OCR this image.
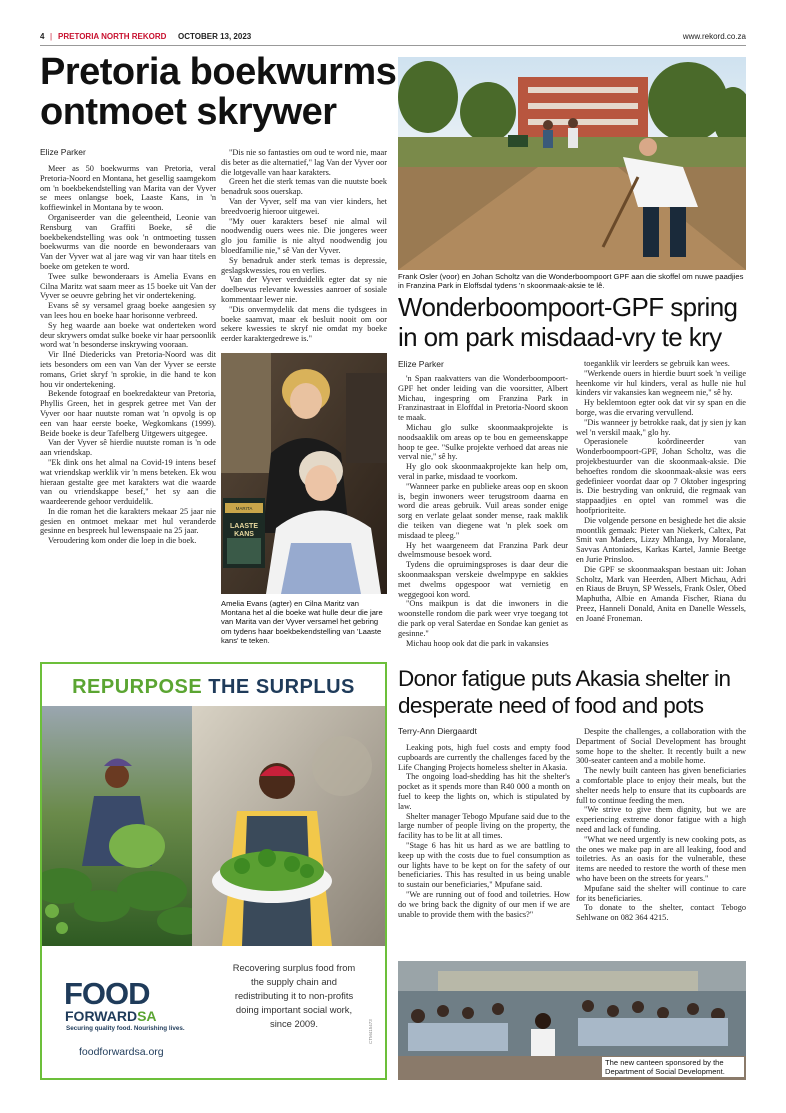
4 | PRETORIA NORTH REKORD OCTOBER 13, 2023	www.rekord.co.za
Pretoria boekwurms
ontmoet skrywer
Elize Parker

Meer as 50 boekwurms van Pretoria, veral Pretoria-Noord en Montana, het gesellig saamgekom om 'n boekbekendstelling van Marita van der Vyver se mees onlangse boek, Laaste Kans, in 'n koffiewinkel in Montana by te woon.

Organiseerder van die geleentheid, Leonie van Rensburg van Graffiti Boeke, sê die boekbekendstelling was ook 'n ontmoeting tussen boekwurms van die noorde en bewonderaars van Van der Vyver wat al jare wag vir van haar titels en boeke om geteken te word.

Twee sulke bewonderaars is Amelia Evans en Cilna Maritz wat saam meer as 15 boeke uit Van der Vyver se oeuvre gebring het vir ondertekening.

Evans sê sy versamel graag boeke aangesien sy van lees hou en boeke haar horisonne verbreed.

Sy heg waarde aan boeke wat onderteken word deur skrywers omdat sulke boeke vir haar persoonlik word wat 'n besonderse inskrywing vooraan.

Vir Ilné Diedericks van Pretoria-Noord was dit iets besonders om een van Van der Vyver se eerste romans, Griet skryf 'n sprokie, in die hand te kon hou vir ondertekening.

Bekende fotograaf en boekredakteur van Pretoria, Phyllis Green, het in gesprek getree met Van der Vyver oor haar nuutste roman wat 'n opvolg is op een van haar eerste boeke, Wegkomkans (1999). Beide boeke is deur Tafelberg Uitgewers uitgegee.

Van der Vyver sê hierdie nuutste roman is 'n ode aan vriendskap.

"Ek dink ons het almal na Covid-19 intens besef wat vriendskap werklik vir 'n mens beteken. Ek wou hieraan gestalte gee met karakters wat die waarde van ou vriendskappe besef," het sy aan die waardeerende gehoor verduidelik.

In die roman het die karakters mekaar 25 jaar nie gesien en ontmoet mekaar met hul veranderde gesinne en bespreek hul lewenspaaie na 25 jaar.

Veroudering kom onder die loep in die boek.

"Dis nie so fantasties om oud te word nie, maar dis beter as die alternatief," lag Van der Vyver oor die lotgevalle van haar karakters.

Green het die sterk temas van die nuutste boek benadruk soos ouerskap.

Van der Vyver, self ma van vier kinders, het breedvoerig hieroor uitgewei.

"My ouer karakters besef nie almal wil noodwendig ouers wees nie. Die jongeres weer glo jou familie is nie altyd noodwendig jou bloedfamilie nie," sê Van der Vyver.

Sy benadruk ander sterk temas is depressie, geslagskwessies, rou en verlies.

Van der Vyver verduidelik egter dat sy nie doelbewus relevante kwessies aanroer of sosiale kommentaar lewer nie.

"Dis onvermydelik dat mens die tydsgees in boeke saamvat, maar ek besluit nooit om oor sekere kwessies te skryf nie omdat my boeke eerder karaktergedrewe is."

MARITA
LAASTE
KANS
Amelia Evans (agter) en Cilna Maritz van Montana het al die boeke wat hulle deur die jare van Marita van der Vyver versamel het gebring om tydens haar boekbekendstelling van 'Laaste kans' te teken.
Frank Osler (voor) en Johan Scholtz van die Wonderboompoort GPF aan die skoffel om nuwe paadjies in Franzina Park in Eloffsdal tydens 'n skoonmaak-aksie te lê.
Wonderboompoort-GPF spring
in om park misdaad-vry te kry
Elize Parker

'n Span raakvatters van die Wonderboompoort-GPF het onder leiding van die voorsitter, Albert Michau, ingespring om Franzina Park in Franzinastraat in Eloffdal in Pretoria-Noord skoon te maak.

Michau glo sulke skoonmaakprojekte is noodsaaklik om areas op te bou en gemeenskappe hoop te gee. "Sulke projekte verhoed dat areas nie verval nie," sê hy.

Hy glo ook skoonmaakprojekte kan help om, veral in parke, misdaad te voorkom.

"Wanneer parke en publieke areas oop en skoon is, begin inwoners weer terugstroom daarna en word die areas gebruik. Vuil areas sonder enige sorg en verlate gelaat sonder mense, raak maklik die teiken van diegene wat 'n plek soek om misdaad te pleeg."

Hy het waargeneem dat Franzina Park deur dwelmsmouse besoek word.

Tydens die opruimingsproses is daar deur die skoonmaakspan verskeie dwelmpype en sakkies met dwelms opgespoor wat vernietig en weggegooi kon word.

"Ons maikpun is dat die inwoners in die woonstelle rondom die park weer vrye toegang tot die park op veral Saterdae en Sondae kan geniet as gesinne."

Michau hoop ook dat die park in vakansies

toeganklik vir leerders se gebruik kan wees.

"Werkende ouers in hierdie buurt soek 'n veilige heenkome vir hul kinders, veral as hulle nie hul kinders vir vakansies kan wegneem nie," sê hy.

Hy beklemtoon egter ook dat vir sy span en die borge, was die ervaring vervullend.

"Dis wanneer jy betrokke raak, dat jy sien jy kan wel 'n verskil maak," glo hy.

Operasionele koördineerder van Wonderboompoort-GPF, Johan Scholtz, was die projekbestuurder van die skoonmaak-aksie. Die behoeftes rondom die skoonmaak-aksie was eers gedefinieer voordat daar op 7 Oktober ingespring is. Die bestryding van onkruid, die regmaak van stappaadjies en optel van rommel was die hoofprioriteite.

Die volgende persone en besighede het die aksie moontlik gemaak: Pieter van Niekerk, Caltex, Pat Smit van Maders, Lizzy Mhlanga, Ivy Moralane, Savvas Antoniades, Karkas Kartel, Jannie Beetge en Jurie Prinsloo.

Die GPF se skoonmaakspan bestaan uit: Johan Scholtz, Mark van Heerden, Albert Michau, Adri en Riaus de Bruyn, SP Wessels, Frank Osler, Obed Maphutha, Albie en Amanda Fischer, Riana du Preez, Hanneli Donald, Anita en Danelle Wessels, en Joané Froneman.

Donor fatigue puts Akasia shelter in
desperate need of food and pots
Terry-Ann Diergaardt

Leaking pots, high fuel costs and empty food cupboards are currently the challenges faced by the Life Changing Projects homeless shelter in Akasia.

The ongoing load-shedding has hit the shelter's pocket as it spends more than R40 000 a month on fuel to keep the lights on, which is stipulated by law.

Shelter manager Tebogo Mpufane said due to the large number of people living on the property, the facility has to be lit at all times.

"Stage 6 has hit us hard as we are battling to keep up with the costs due to fuel consumption as our lights have to be kept on for the safety of our beneficiaries. This has resulted in us being unable to sustain our beneficiaries," Mpufane said.

"We are running out of food and toiletries. How do we bring back the dignity of our men if we are unable to provide them with the basics?"

Despite the challenges, a collaboration with the Department of Social Development has brought some hope to the shelter. It recently built a new 300-seater canteen and a mobile home.

The newly built canteen has given beneficiaries a comfortable place to enjoy their meals, but the shelter needs help to ensure that its cupboards are full to continue feeding the men.

"We strive to give them dignity, but we are experiencing extreme donor fatigue with a high need and lack of funding.

"What we need urgently is new cooking pots, as the ones we make pap in are all leaking, food and toiletries. As an oasis for the vulnerable, these items are needed to restore the worth of these men who have been on the streets for years."

Mpufane said the shelter will continue to care for its beneficiaries.

To donate to the shelter, contact Tebogo Sehlwane on 082 364 4215.

The new canteen sponsored by the Department of Social Development.
REPURPOSE THE SURPLUS
FOOD
FORWARDSA
Securing quality food. Nourishing lives.
Recovering surplus food from the supply chain and redistributing it to non-profits doing important social work, since 2009.
foodforwardsa.org
CTM415473
